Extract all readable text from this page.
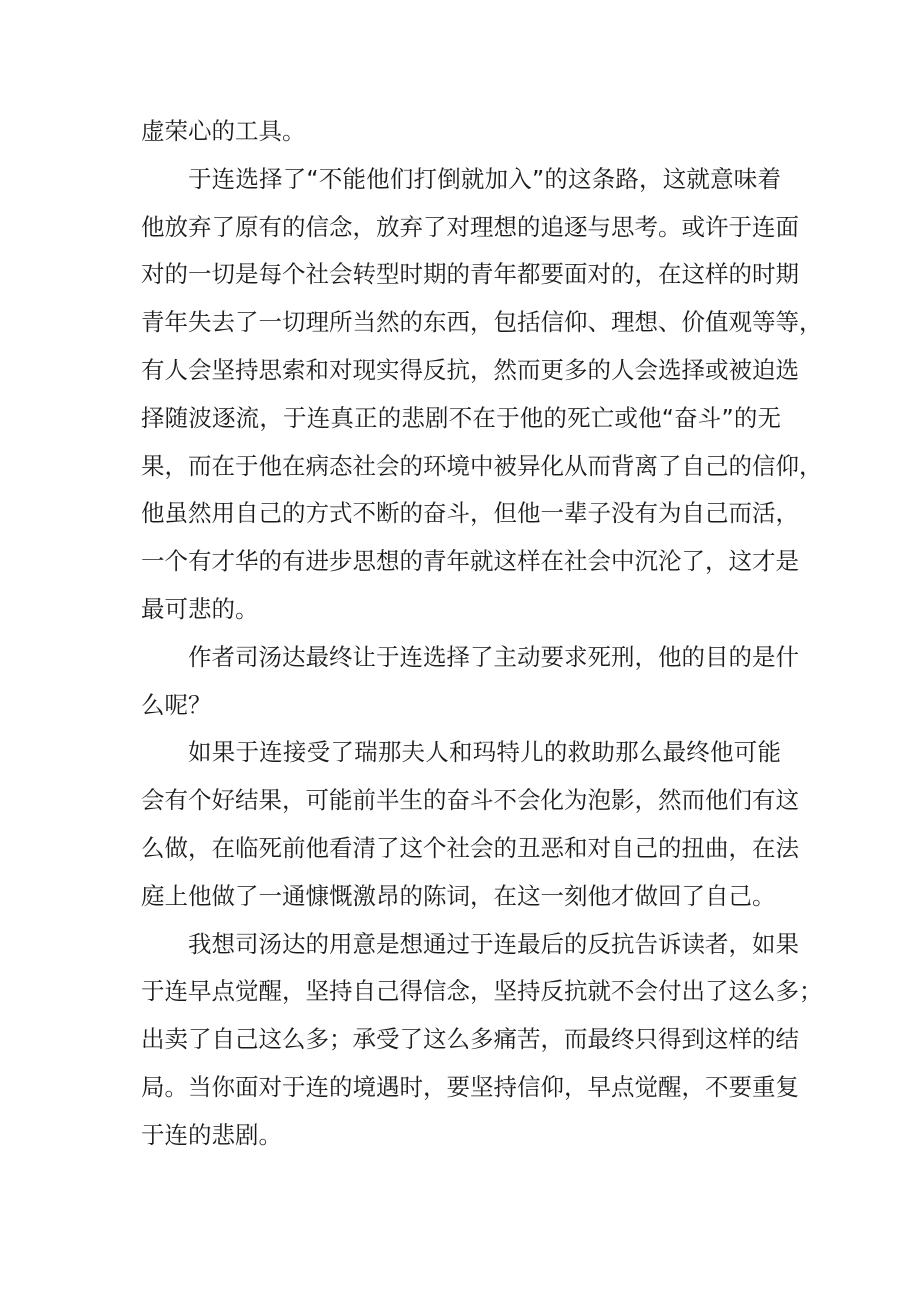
虚荣心的工具。
于连选择了“不能他们打倒就加入”的这条路，这就意味着
他放弃了原有的信念，放弃了对理想的追逐与思考。或许于连面
对的一切是每个社会转型时期的青年都要面对的，在这样的时期
青年失去了一切理所当然的东西，包括信仰、理想、价值观等等，
有人会坚持思索和对现实得反抗，然而更多的人会选择或被迫选
择随波逐流，于连真正的悲剧不在于他的死亡或他“奋斗”的无
果，而在于他在病态社会的环境中被异化从而背离了自己的信仰，
他虽然用自己的方式不断的奋斗，但他一辈子没有为自己而活，
一个有才华的有进步思想的青年就这样在社会中沉沦了，这才是
最可悲的。
作者司汤达最终让于连选择了主动要求死刑，他的目的是什
么呢？
如果于连接受了瑞那夫人和玛特儿的救助那么最终他可能
会有个好结果，可能前半生的奋斗不会化为泡影，然而他们有这
么做，在临死前他看清了这个社会的丑恶和对自己的扭曲，在法
庭上他做了一通慷慨激昂的陈词，在这一刻他才做回了自己。
我想司汤达的用意是想通过于连最后的反抗告诉读者，如果
于连早点觉醒，坚持自己得信念，坚持反抗就不会付出了这么多；
出卖了自己这么多；承受了这么多痛苦，而最终只得到这样的结
局。当你面对于连的境遇时，要坚持信仰，早点觉醒，不要重复
于连的悲剧。
